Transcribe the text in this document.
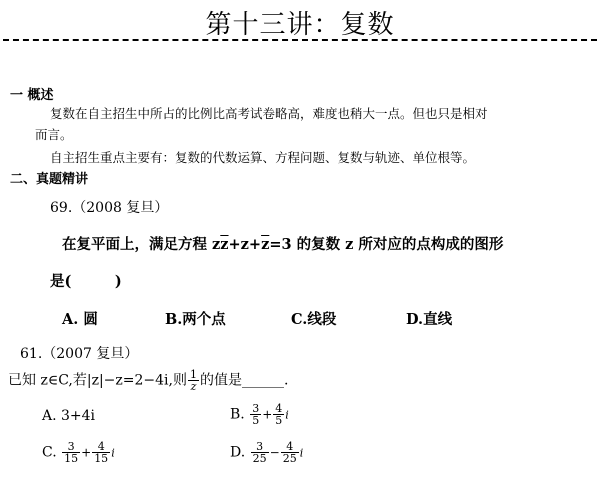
第十三讲：复数
一 概述
复数在自主招生中所占的比例比高考试卷略高，难度也稍大一点。但也只是相对
而言。
自主招生重点主要有：复数的代数运算、方程问题、复数与轨迹、单位根等。
二、真题精讲
69.（2008 复旦）
在复平面上，满足方程 $z\overline{z}+z+\overline{z}=3$ 的复数 z 所对应的点构成的图形
是(　　　)
A. 圆	B.两个点	C.线段	D.直线
61.（2007 复旦）
已知 z∈C,若|z|−z=2−4i,则 $\frac{1}{z}$ 的值是______.
A. 3+4i	B. $\frac{3}{5} + \frac{4}{5}$ i
C. $\frac{3}{15} + \frac{4}{15}$ i	D. $\frac{3}{25} - \frac{4}{25}$ i
